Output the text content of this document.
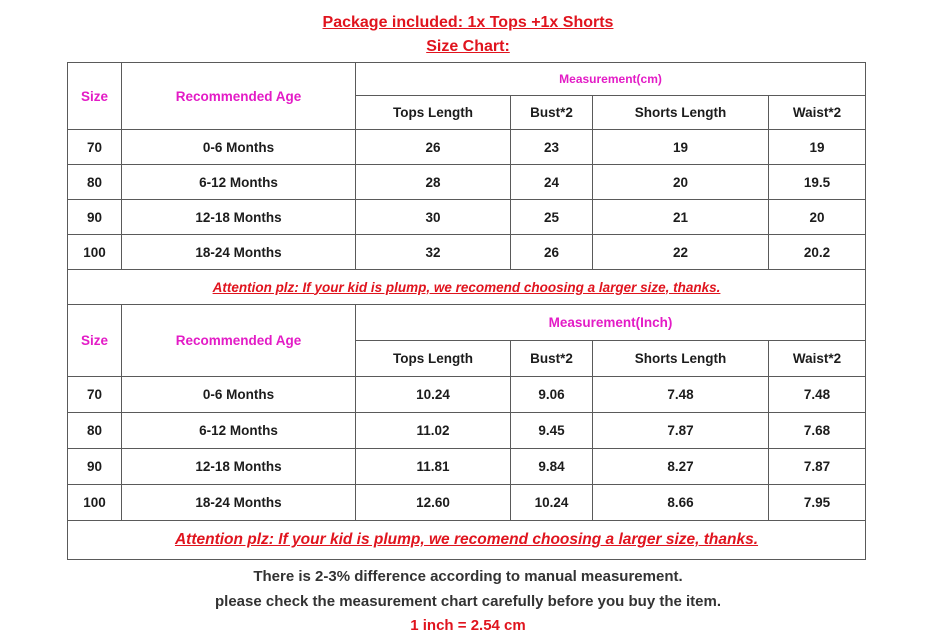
Package included: 1x Tops +1x Shorts
Size Chart:
Size	Recommended Age	Measurement(cm)			
		Tops Length	Bust*2	Shorts Length	Waist*2
70	0-6 Months	26	23	19	19
80	6-12 Months	28	24	20	19.5
90	12-18 Months	30	25	21	20
100	18-24 Months	32	26	22	20.2
Attention plz: If your kid is plump, we recomend choosing a larger size, thanks.					
Size	Recommended Age	Measurement(Inch)			
		Tops Length	Bust*2	Shorts Length	Waist*2
70	0-6 Months	10.24	9.06	7.48	7.48
80	6-12 Months	11.02	9.45	7.87	7.68
90	12-18 Months	11.81	9.84	8.27	7.87
100	18-24 Months	12.60	10.24	8.66	7.95
Attention plz: If your kid is plump, we recomend choosing a larger size, thanks.					
There is 2-3% difference according to manual measurement.
please check the measurement chart carefully before you buy the item.
1 inch = 2.54 cm
